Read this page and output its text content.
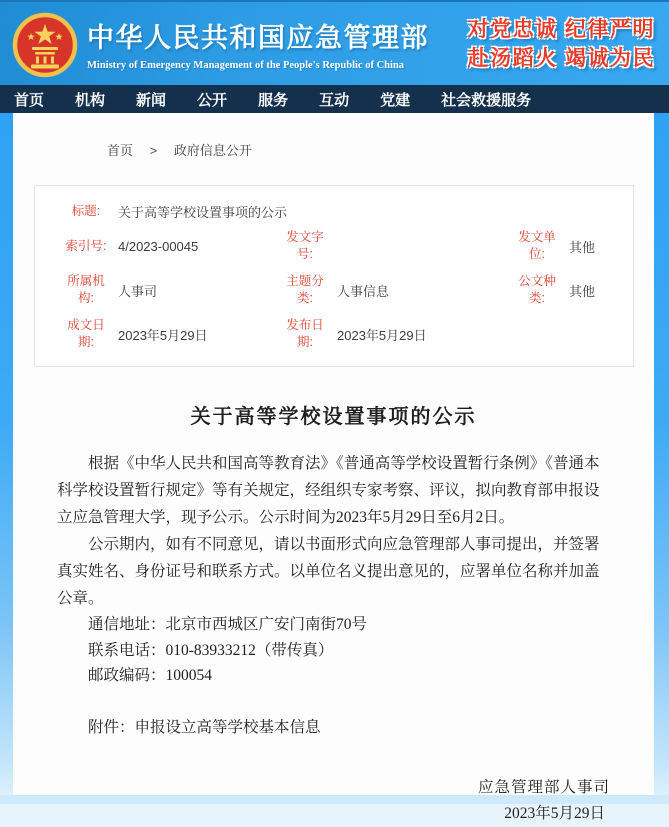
中华人民共和国应急管理部
Ministry of Emergency Management of the People's Republic of China
对党忠诚 纪律严明
赴汤蹈火 竭诚为民
首页 机构 新闻 公开 服务 互动 党建 社会救援服务
首页 > 政府信息公开
标题:	关于高等学校设置事项的公示
索引号: 4/2023-00045
发文字号:
发文单位:	其他
所属机构:	人事司
主题分类:	人事信息
公文种类:	其他
成文日期:	2023年5月29日
发布日期:	2023年5月29日
关于高等学校设置事项的公示

根据《中华人民共和国高等教育法》《普通高等学校设置暂行条例》《普通本科学校设置暂行规定》等有关规定，经组织专家考察、评议，拟向教育部申报设立应急管理大学，现予公示。公示时间为2023年5月29日至6月2日。

公示期内，如有不同意见，请以书面形式向应急管理部人事司提出，并签署真实姓名、身份证号和联系方式。以单位名义提出意见的，应署单位名称并加盖公章。

通信地址：北京市西城区广安门南街70号

联系电话：010-83933212（带传真）

邮政编码：100054

附件：申报设立高等学校基本信息

应急管理部人事司
2023年5月29日
